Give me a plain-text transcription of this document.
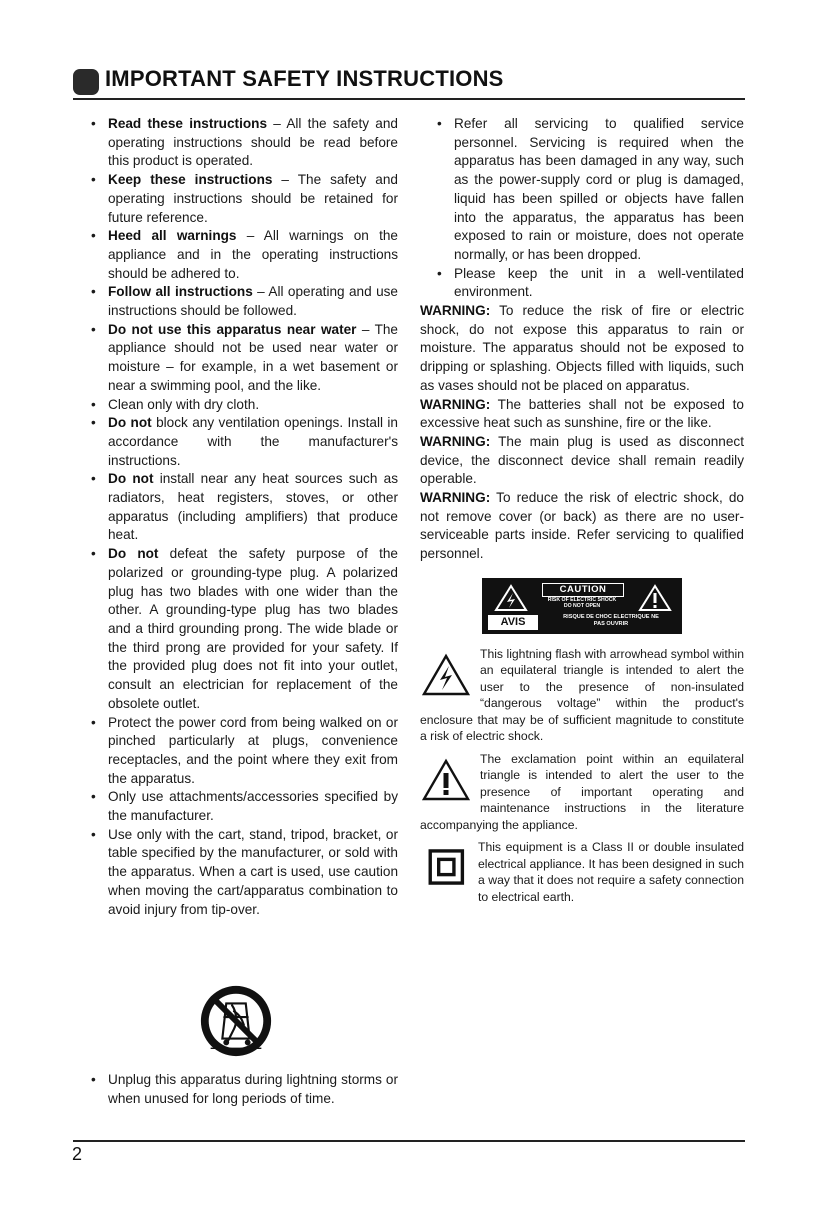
IMPORTANT SAFETY INSTRUCTIONS
• Read these instructions – All the safety and operating instructions should be read before this product is operated.
• Keep these instructions – The safety and operating instructions should be retained for future reference.
• Heed all warnings – All warnings on the appliance and in the operating instructions should be adhered to.
• Follow all instructions – All operating and use instructions should be followed.
• Do not use this apparatus near water – The appliance should not be used near water or moisture – for example, in a wet basement or near a swimming pool, and the like.
• Clean only with dry cloth.
• Do not block any ventilation openings. Install in accordance with the manufacturer's instructions.
• Do not install near any heat sources such as radiators, heat registers, stoves, or other apparatus (including amplifiers) that produce heat.
• Do not defeat the safety purpose of the polarized or grounding-type plug. A polarized plug has two blades with one wider than the other. A grounding-type plug has two blades and a third grounding prong. The wide blade or the third prong are provided for your safety. If the provided plug does not fit into your outlet, consult an electrician for replacement of the obsolete outlet.
• Protect the power cord from being walked on or pinched particularly at plugs, convenience receptacles, and the point where they exit from the apparatus.
• Only use attachments/accessories specified by the manufacturer.
• Use only with the cart, stand, tripod, bracket, or table specified by the manufacturer, or sold with the apparatus. When a cart is used, use caution when moving the cart/apparatus combination to avoid injury from tip-over.
• Unplug this apparatus during lightning storms or when unused for long periods of time.
• Refer all servicing to qualified service personnel. Servicing is required when the apparatus has been damaged in any way, such as the power-supply cord or plug is damaged, liquid has been spilled or objects have fallen into the apparatus, the apparatus has been exposed to rain or moisture, does not operate normally, or has been dropped.
• Please keep the unit in a well-ventilated environment.

WARNING: To reduce the risk of fire or electric shock, do not expose this apparatus to rain or moisture. The apparatus should not be exposed to dripping or splashing. Objects filled with liquids, such as vases should not be placed on apparatus.

WARNING: The batteries shall not be exposed to excessive heat such as sunshine, fire or the like.

WARNING: The main plug is used as disconnect device, the disconnect device shall remain readily operable.

WARNING: To reduce the risk of electric shock, do not remove cover (or back) as there are no user-serviceable parts inside. Refer servicing to qualified personnel.

CAUTION
RISK OF ELECTRIC SHOCK
DO NOT OPEN
AVIS	RISQUE DE CHOC ELECTRIQUE NE
PAS OUVRIR
This lightning flash with arrowhead symbol within an equilateral triangle is intended to alert the user to the presence of non-insulated “dangerous voltage” within the product's enclosure that may be of sufficient magnitude to constitute a risk of electric shock.
The exclamation point within an equilateral triangle is intended to alert the user to the presence of important operating and maintenance instructions in the literature accompanying the appliance.
This equipment is a Class II or double insulated electrical appliance. It has been designed in such a way that it does not require a safety connection to electrical earth.
2
